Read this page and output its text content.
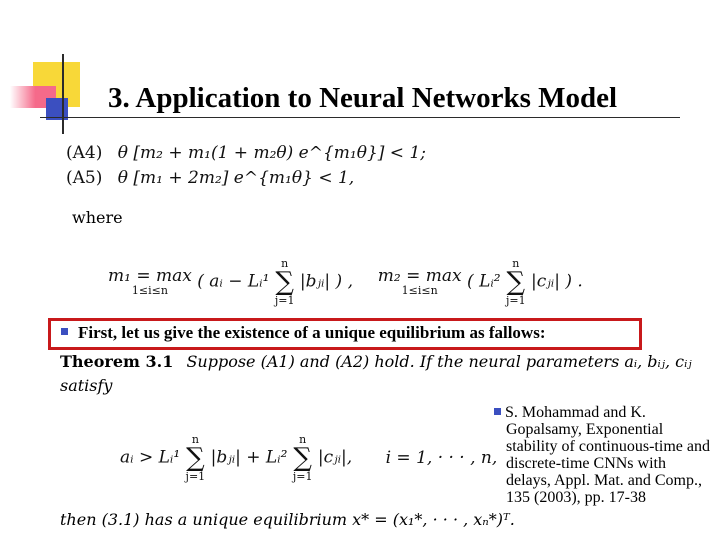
3. Application to Neural Networks Model
(A4) θ [m₂ + m₁(1 + m₂θ) e^{m₁θ}] < 1;
(A5) θ [m₁ + 2m₂] e^{m₁θ} < 1,
where
m₁ = max
1≤i≤n	( aᵢ − Lᵢ¹
n
∑
j=1
|bⱼᵢ| ) , m₂ = max
1≤i≤n	( Lᵢ²
n
∑
j=1
|cⱼᵢ| ) .
First, let us give the existence of a unique equilibrium as fallows:
Theorem 3.1 Suppose (A1) and (A2) hold. If the neural parameters aᵢ, bᵢⱼ, cᵢⱼ
satisfy
aᵢ > Lᵢ¹
n
∑
j=1
|bⱼᵢ| + Lᵢ²
n
∑
j=1
|cⱼᵢ|, i = 1, · · · , n,
S. Mohammad and K. Gopalsamy, Exponential stability of continuous-time and discrete-time CNNs with delays, Appl. Mat. and Comp., 135 (2003), pp. 17-38
then (3.1) has a unique equilibrium x* = (x₁*, · · · , xₙ*)ᵀ.
